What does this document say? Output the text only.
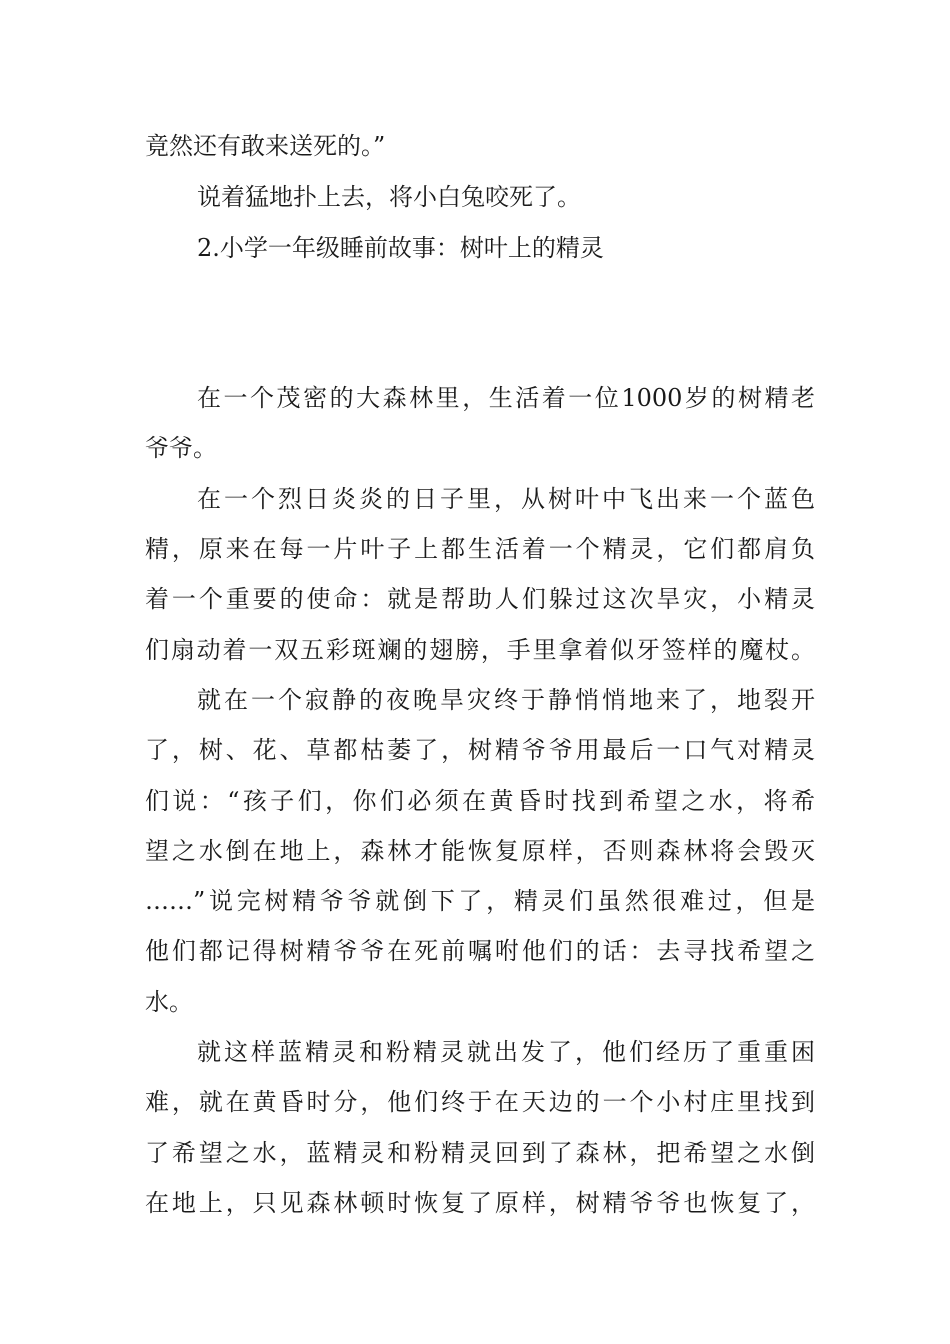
竟然还有敢来送死的。”
说着猛地扑上去，将小白兔咬死了。
2.小学一年级睡前故事：树叶上的精灵
在一个茂密的大森林里，生活着一位1000岁的树精老
爷爷。
在一个烈日炎炎的日子里，从树叶中飞出来一个蓝色
精，原来在每一片叶子上都生活着一个精灵，它们都肩负
着一个重要的使命：就是帮助人们躲过这次旱灾，小精灵
们扇动着一双五彩斑斓的翅膀，手里拿着似牙签样的魔杖。
就在一个寂静的夜晚旱灾终于静悄悄地来了，地裂开
了，树、花、草都枯萎了，树精爷爷用最后一口气对精灵
们说：“孩子们，你们必须在黄昏时找到希望之水，将希
望之水倒在地上，森林才能恢复原样，否则森林将会毁灭
……”说完树精爷爷就倒下了，精灵们虽然很难过，但是
他们都记得树精爷爷在死前嘱咐他们的话：去寻找希望之
水。
就这样蓝精灵和粉精灵就出发了，他们经历了重重困
难，就在黄昏时分，他们终于在天边的一个小村庄里找到
了希望之水，蓝精灵和粉精灵回到了森林，把希望之水倒
在地上，只见森林顿时恢复了原样，树精爷爷也恢复了，
